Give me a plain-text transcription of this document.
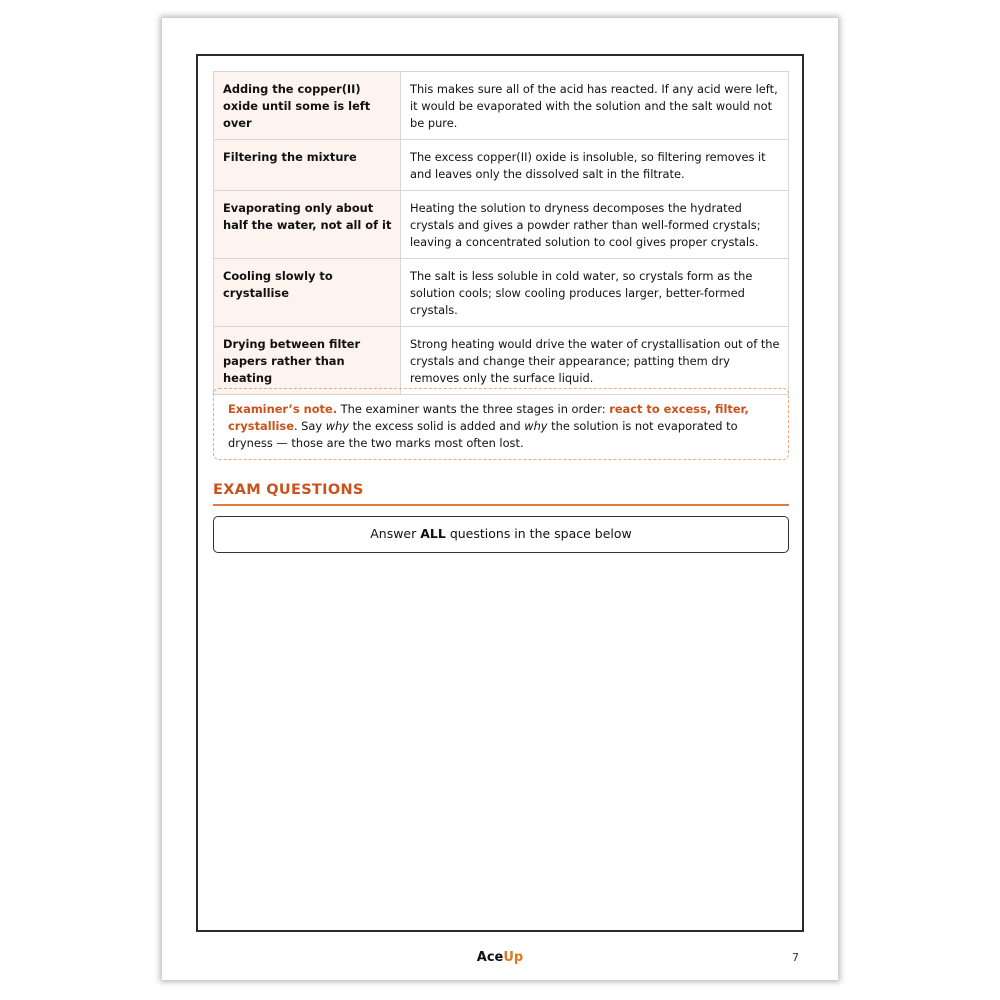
Adding the copper(II) oxide until some is left over	This makes sure all of the acid has reacted. If any acid were left, it would be evaporated with the solution and the salt would not be pure.
Filtering the mixture	The excess copper(II) oxide is insoluble, so filtering removes it and leaves only the dissolved salt in the filtrate.
Evaporating only about half the water, not all of it	Heating the solution to dryness decomposes the hydrated crystals and gives a powder rather than well-formed crystals; leaving a concentrated solution to cool gives proper crystals.
Cooling slowly to crystallise	The salt is less soluble in cold water, so crystals form as the solution cools; slow cooling produces larger, better-formed crystals.
Drying between filter papers rather than heating	Strong heating would drive the water of crystallisation out of the crystals and change their appearance; patting them dry removes only the surface liquid.
Examiner’s note. The examiner wants the three stages in order: react to excess, filter, crystallise. Say why the excess solid is added and why the solution is not evaporated to dryness — those are the two marks most often lost.
EXAM QUESTIONS
Answer ALL questions in the space below
AceUp	7
